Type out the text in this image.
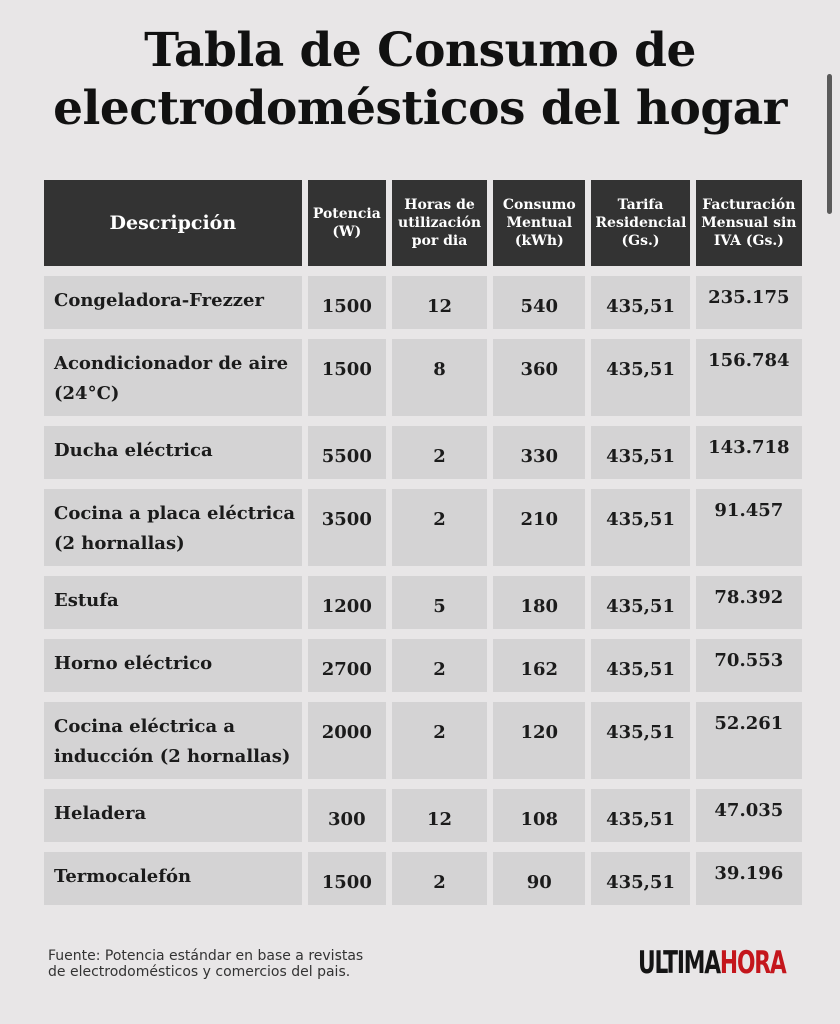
Tabla de Consumo de
electrodomésticos del hogar
Descripción	Potencia (W)	Horas de utilización por dia	Consumo Mentual (kWh)	Tarifa Residencial (Gs.)	Facturación Mensual sin IVA (Gs.)
Congeladora-Frezzer	1500	12	540	435,51	235.175
Acondicionador de aire (24°C)	1500	8	360	435,51	156.784
Ducha eléctrica	5500	2	330	435,51	143.718
Cocina a placa eléctrica (2 hornallas)	3500	2	210	435,51	91.457
Estufa	1200	5	180	435,51	78.392
Horno eléctrico	2700	2	162	435,51	70.553
Cocina eléctrica a inducción (2 hornallas)	2000	2	120	435,51	52.261
Heladera	300	12	108	435,51	47.035
Termocalefón	1500	2	90	435,51	39.196

Fuente: Potencia estándar en base a revistas
de electrodomésticos y comercios del pais.	ULTIMAHORA
